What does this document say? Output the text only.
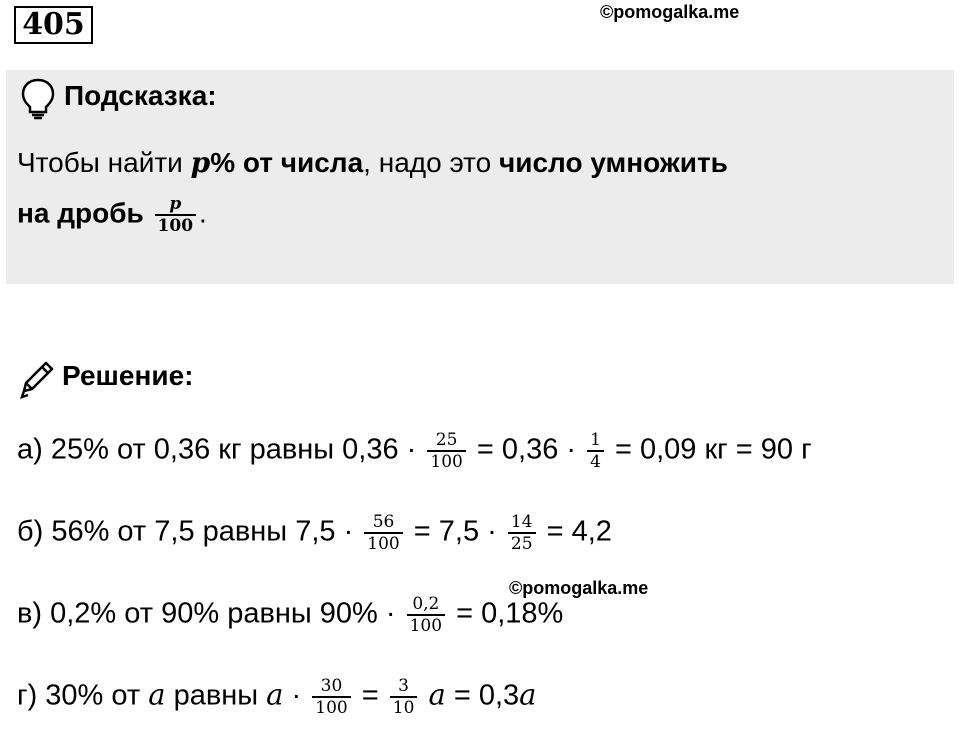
405	©pomogalka.me
Подсказка:
Чтобы найти p% от числа, надо это число умножить
на дробь $\frac{p}{100}$ .
Решение:
а) 25% от 0,36 кг равны $0,36 \cdot \frac{25}{100} = 0,36 \cdot \frac{1}{4} = 0,09$ кг = 90 г
б) 56% от 7,5 равны $7,5 \cdot \frac{56}{100} = 7,5 \cdot \frac{14}{25} = 4,2$
©pomogalka.me
в) 0,2% от 90% равны $90\% \cdot \frac{0,2}{100} = 0,18\%$
г) 30% от a равны $a \cdot \frac{30}{100} = \frac{3}{10}$ a = 0,3a
